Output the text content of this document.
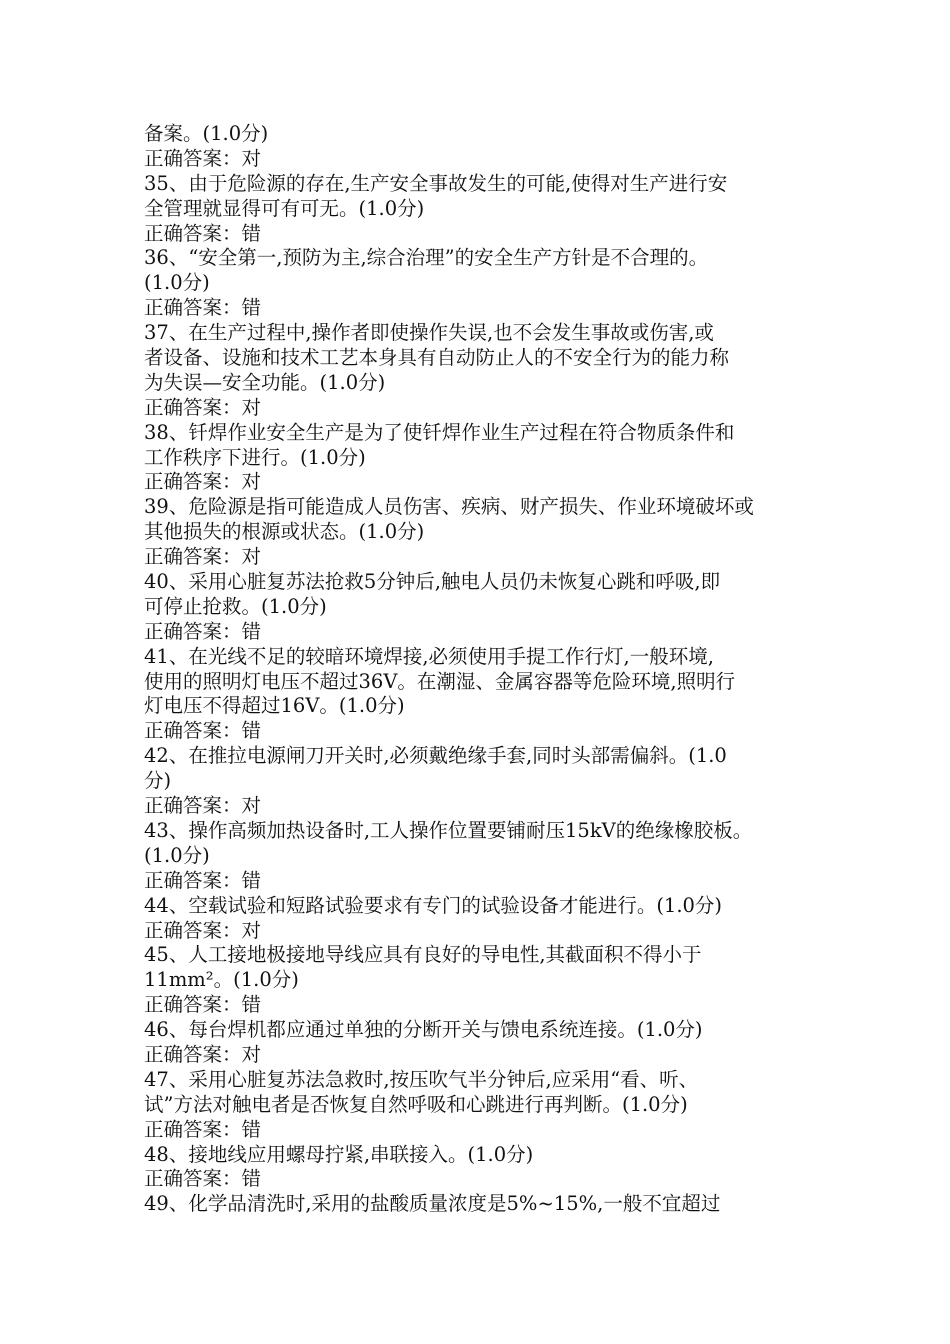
备案。(1.0分)
正确答案：对
35、由于危险源的存在,生产安全事故发生的可能,使得对生产进行安
全管理就显得可有可无。(1.0分)
正确答案：错
36、“安全第一,预防为主,综合治理”的安全生产方针是不合理的。
(1.0分)
正确答案：错
37、在生产过程中,操作者即使操作失误,也不会发生事故或伤害,或
者设备、设施和技术工艺本身具有自动防止人的不安全行为的能力称
为失误—安全功能。(1.0分)
正确答案：对
38、钎焊作业安全生产是为了使钎焊作业生产过程在符合物质条件和
工作秩序下进行。(1.0分)
正确答案：对
39、危险源是指可能造成人员伤害、疾病、财产损失、作业环境破坏或
其他损失的根源或状态。(1.0分)
正确答案：对
40、采用心脏复苏法抢救5分钟后,触电人员仍未恢复心跳和呼吸,即
可停止抢救。(1.0分)
正确答案：错
41、在光线不足的较暗环境焊接,必须使用手提工作行灯,一般环境,
使用的照明灯电压不超过36V。在潮湿、金属容器等危险环境,照明行
灯电压不得超过16V。(1.0分)
正确答案：错
42、在推拉电源闸刀开关时,必须戴绝缘手套,同时头部需偏斜。(1.0
分)
正确答案：对
43、操作高频加热设备时,工人操作位置要铺耐压15kV的绝缘橡胶板。
(1.0分)
正确答案：错
44、空载试验和短路试验要求有专门的试验设备才能进行。(1.0分)
正确答案：对
45、人工接地极接地导线应具有良好的导电性,其截面积不得小于
11mm²。(1.0分)
正确答案：错
46、每台焊机都应通过单独的分断开关与馈电系统连接。(1.0分)
正确答案：对
47、采用心脏复苏法急救时,按压吹气半分钟后,应采用“看、听、
试”方法对触电者是否恢复自然呼吸和心跳进行再判断。(1.0分)
正确答案：错
48、接地线应用螺母拧紧,串联接入。(1.0分)
正确答案：错
49、化学品清洗时,采用的盐酸质量浓度是5%~15%,一般不宜超过
